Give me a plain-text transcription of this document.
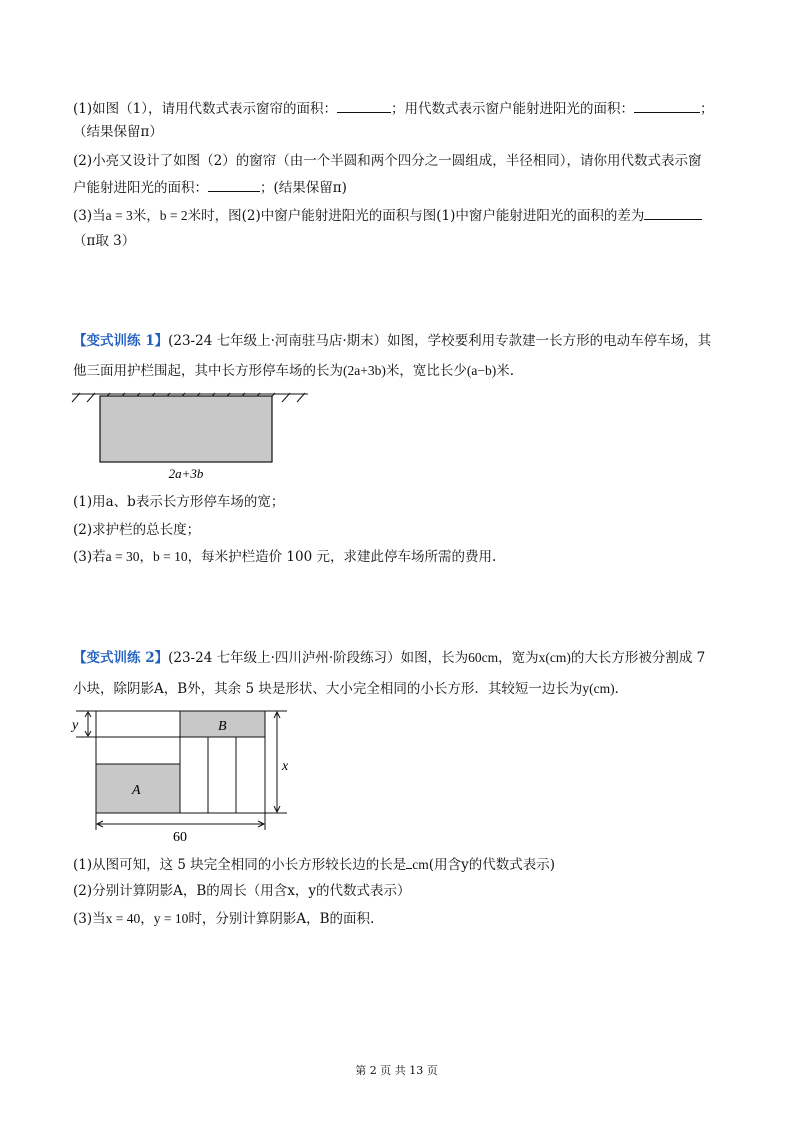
(1)如图（1），请用代数式表示窗帘的面积：	；用代数式表示窗户能射进阳光的面积：	；
（结果保留π）
(2)小亮又设计了如图（2）的窗帘（由一个半圆和两个四分之一圆组成，半径相同），请你用代数式表示窗
户能射进阳光的面积：	；(结果保留π)
(3)当a = 3米，b = 2米时，图(2)中窗户能射进阳光的面积与图(1)中窗户能射进阳光的面积的差为
（π取 3）
【变式训练 1】(23-24 七年级上·河南驻马店·期末）如图，学校要利用专款建一长方形的电动车停车场，其
他三面用护栏围起，其中长方形停车场的长为(2a+3b)米，宽比长少(a−b)米.
2a+3b
(1)用a、b表示长方形停车场的宽；
(2)求护栏的总长度；
(3)若a = 30，b = 10，每米护栏造价 100 元，求建此停车场所需的费用.
【变式训练 2】(23-24 七年级上·四川泸州·阶段练习）如图，长为60cm，宽为x(cm)的大长方形被分割成 7
小块，除阴影A，B外，其余 5 块是形状、大小完全相同的小长方形．其较短一边长为y(cm)．
y
x
A
B
60
(1)从图可知，这 5 块完全相同的小长方形较长边的长是 cm(用含y的代数式表示)
(2)分别计算阴影A，B的周长（用含x，y的代数式表示）
(3)当x = 40，y = 10时，分别计算阴影A，B的面积.
第 2 页 共 13 页
